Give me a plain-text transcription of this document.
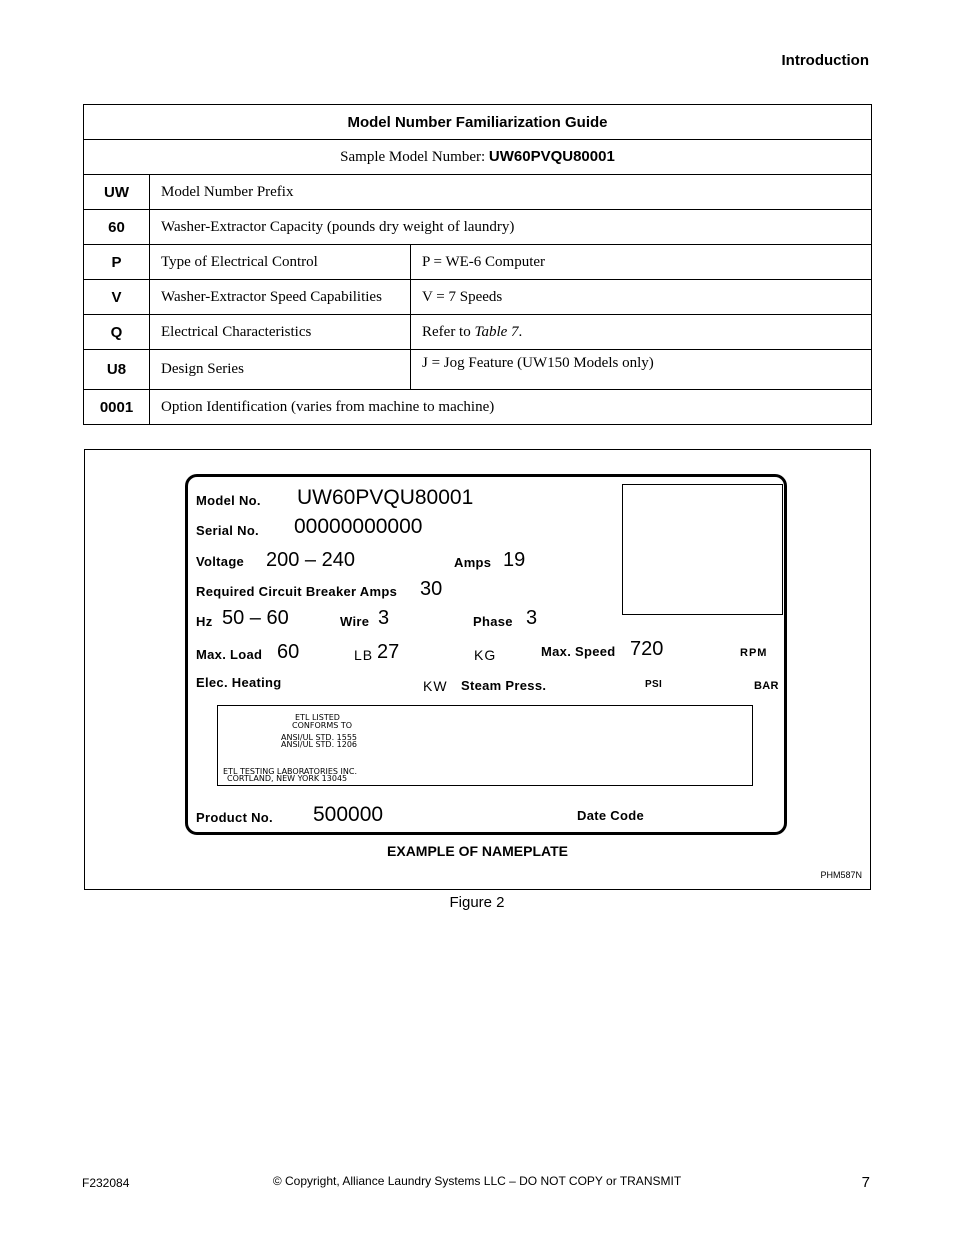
Introduction
Model Number Familiarization Guide		
Sample Model Number: UW60PVQU80001		
UW	Model Number Prefix	
60	Washer-Extractor Capacity (pounds dry weight of laundry)	
P	Type of Electrical Control	P = WE-6 Computer
V	Washer-Extractor Speed Capabilities	V = 7 Speeds
Q	Electrical Characteristics	Refer to Table 7.
U8	Design Series	J = Jog Feature (UW150 Models only)
0001	Option Identification (varies from machine to machine)	
Model No. UW60PVQU80001
Serial No. 00000000000
Voltage 200 – 240	Amps 19
Required Circuit Breaker Amps 30
Hz 50 – 60	Wire 3	Phase 3
Max. Load 60	LB 27	KG	Max. Speed 720	RPM
Elec. Heating	KW Steam Press.	PSI	BAR
ETL LISTED
CONFORMS TO
ANSI/UL STD. 1555
ANSI/UL STD. 1206
ETL TESTING LABORATORIES INC.
CORTLAND, NEW YORK 13045
Product No. 500000	Date Code
EXAMPLE OF NAMEPLATE
PHM587N
Figure 2
F232084	© Copyright, Alliance Laundry Systems LLC – DO NOT COPY or TRANSMIT	7
